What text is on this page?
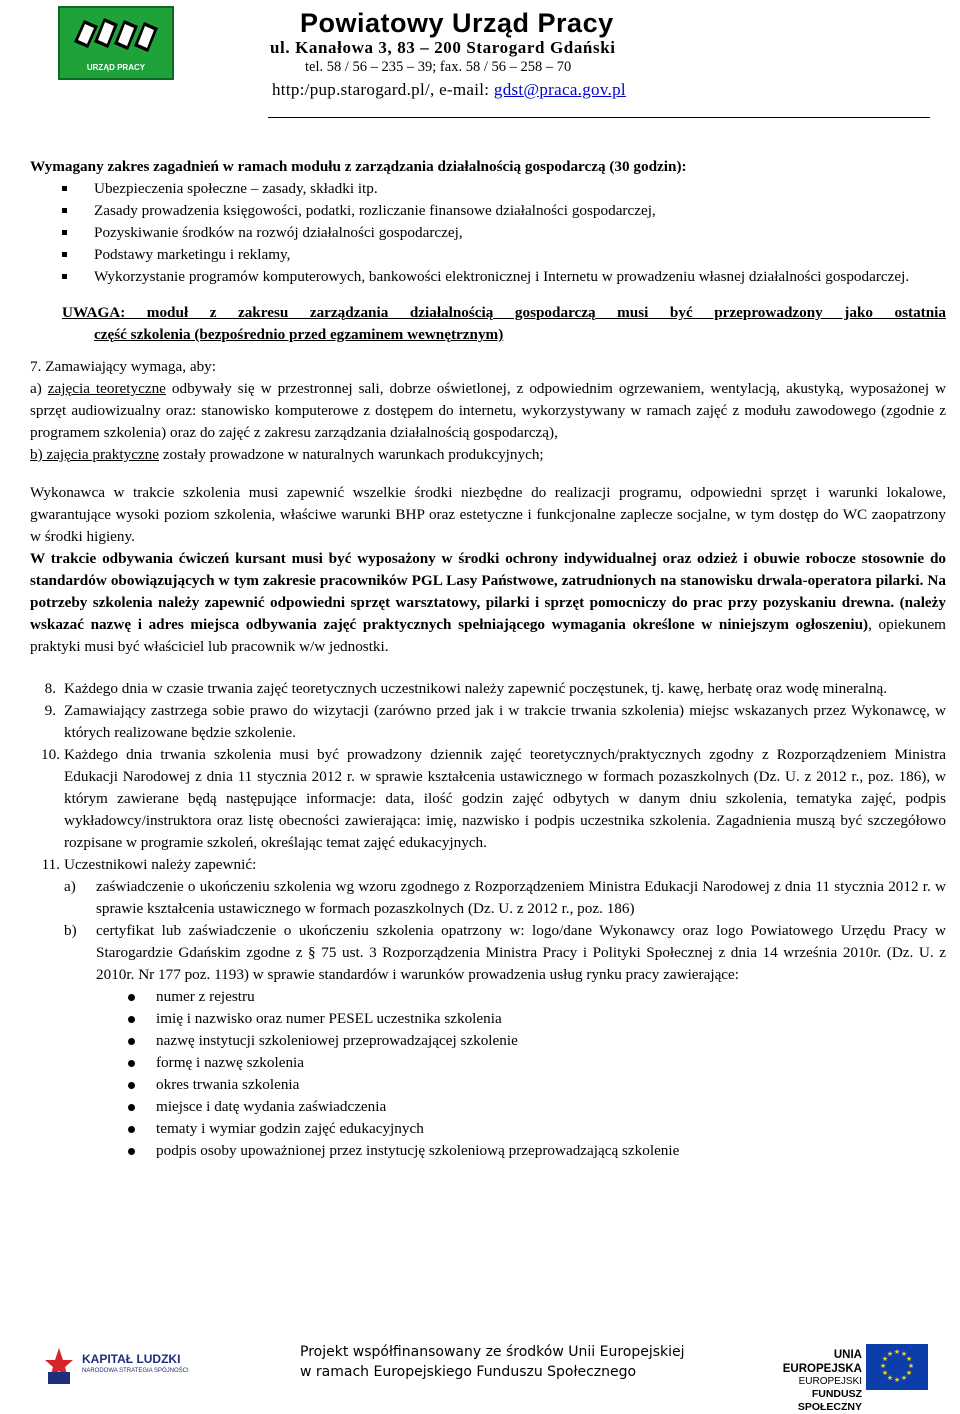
URZĄD PRACY
Powiatowy Urząd Pracy
ul. Kanałowa 3, 83 – 200 Starogard Gdański
tel. 58 / 56 – 235 – 39; fax. 58 / 56 – 258 – 70
http:/pup.starogard.pl/, e-mail: gdst@praca.gov.pl

Wymagany zakres zagadnień w ramach modułu z zarządzania działalnością gospodarczą (30 godzin):

Ubezpieczenia społeczne – zasady, składki itp.
Zasady prowadzenia księgowości, podatki, rozliczanie finansowe działalności gospodarczej,
Pozyskiwanie środków na rozwój działalności gospodarczej,
Podstawy marketingu i reklamy,
Wykorzystanie programów komputerowych, bankowości elektronicznej i Internetu w prowadzeniu własnej działalności gospodarczej.
UWAGA: moduł z zakresu zarządzania działalnością gospodarczą musi być przeprowadzony jako ostatnia
część szkolenia (bezpośrednio przed egzaminem wewnętrznym)

7. Zamawiający wymaga, aby:

a) zajęcia teoretyczne odbywały się w przestronnej sali, dobrze oświetlonej, z odpowiednim ogrzewaniem, wentylacją, akustyką, wyposażonej w sprzęt audiowizualny oraz: stanowisko komputerowe z dostępem do internetu, wykorzystywany w ramach zajęć z modułu zawodowego (zgodnie z programem szkolenia) oraz do zajęć z zakresu zarządzania działalnością gospodarczą),

b) zajęcia praktyczne zostały prowadzone w naturalnych warunkach produkcyjnych;

Wykonawca w trakcie szkolenia musi zapewnić wszelkie środki niezbędne do realizacji programu, odpowiedni sprzęt i warunki lokalowe, gwarantujące wysoki poziom szkolenia, właściwe warunki BHP oraz estetyczne i funkcjonalne zaplecze socjalne, w tym dostęp do WC zaopatrzony w środki higieny.

W trakcie odbywania ćwiczeń kursant musi być wyposażony w środki ochrony indywidualnej oraz odzież i obuwie robocze stosownie do standardów obowiązujących w tym zakresie pracowników PGL Lasy Państwowe, zatrudnionych na stanowisku drwala-operatora pilarki. Na potrzeby szkolenia należy zapewnić odpowiedni sprzęt warsztatowy, pilarki i sprzęt pomocniczy do prac przy pozyskaniu drewna. (należy wskazać nazwę i adres miejsca odbywania zajęć praktycznych spełniającego wymagania określone w niniejszym ogłoszeniu), opiekunem praktyki musi być właściciel lub pracownik w/w jednostki.

8. Każdego dnia w czasie trwania zajęć teoretycznych uczestnikowi należy zapewnić poczęstunek, tj. kawę, herbatę oraz wodę mineralną.
9. Zamawiający zastrzega sobie prawo do wizytacji (zarówno przed jak i w trakcie trwania szkolenia) miejsc wskazanych przez Wykonawcę, w których realizowane będzie szkolenie.
10. Każdego dnia trwania szkolenia musi być prowadzony dziennik zajęć teoretycznych/praktycznych zgodny z Rozporządzeniem Ministra Edukacji Narodowej z dnia 11 stycznia 2012 r. w sprawie kształcenia ustawicznego w formach pozaszkolnych (Dz. U. z 2012 r., poz. 186), w którym zawierane będą następujące informacje: data, ilość godzin zajęć odbytych w danym dniu szkolenia, tematyka zajęć, podpis wykładowcy/instruktora oraz listę obecności zawierająca: imię, nazwisko i podpis uczestnika szkolenia. Zagadnienia muszą być szczegółowo rozpisane w programie szkoleń, określając temat zajęć edukacyjnych.
11. Uczestnikowi należy zapewnić:
a) zaświadczenie o ukończeniu szkolenia wg wzoru zgodnego z Rozporządzeniem Ministra Edukacji Narodowej z dnia 11 stycznia 2012 r. w sprawie kształcenia ustawicznego w formach pozaszkolnych (Dz. U. z 2012 r., poz. 186)
b) certyfikat lub zaświadczenie o ukończeniu szkolenia opatrzony w: logo/dane Wykonawcy oraz logo Powiatowego Urzędu Pracy w Starogardzie Gdańskim zgodne z § 75 ust. 3 Rozporządzenia Ministra Pracy i Polityki Społecznej z dnia 14 września 2010r. (Dz. U. z 2010r. Nr 177 poz. 1193) w sprawie standardów i warunków prowadzenia usług rynku pracy zawierające:
numer z rejestru
imię i nazwisko oraz numer PESEL uczestnika szkolenia
nazwę instytucji szkoleniowej przeprowadzającej szkolenie
formę i nazwę szkolenia
okres trwania szkolenia
miejsce i datę wydania zaświadczenia
tematy i wymiar godzin zajęć edukacyjnych
podpis osoby upoważnionej przez instytucję szkoleniową przeprowadzającą szkolenie
KAPITAŁ LUDZKI
NARODOWA STRATEGIA SPÓJNOŚCI
Projekt współfinansowany ze środków Unii Europejskiej
w ramach Europejskiego Funduszu Społecznego
UNIA EUROPEJSKA
EUROPEJSKI
FUNDUSZ SPOŁECZNY
★ ★
★
★
★
★
★
★
★
★
★
★
